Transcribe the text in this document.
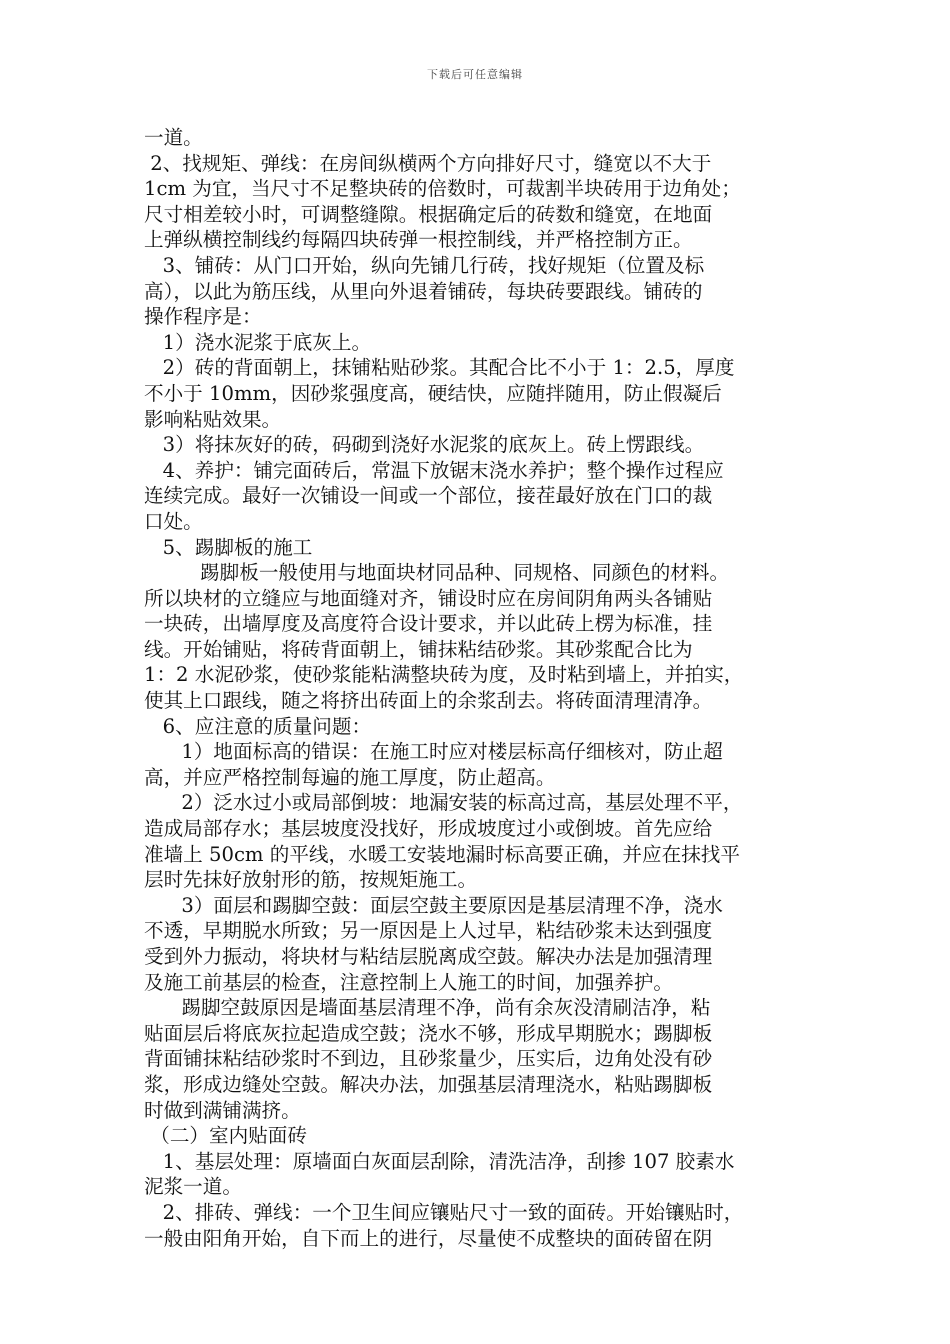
下载后可任意编辑
一道。
2、找规矩、弹线：在房间纵横两个方向排好尺寸，缝宽以不大于
1cm 为宜，当尺寸不足整块砖的倍数时，可裁割半块砖用于边角处；
尺寸相差较小时，可调整缝隙。根据确定后的砖数和缝宽，在地面
上弹纵横控制线约每隔四块砖弹一根控制线，并严格控制方正。
3、铺砖：从门口开始，纵向先铺几行砖，找好规矩（位置及标
高），以此为筋压线，从里向外退着铺砖，每块砖要跟线。铺砖的
操作程序是：
1）浇水泥浆于底灰上。
2）砖的背面朝上，抹铺粘贴砂浆。其配合比不小于 1：2.5，厚度
不小于 10mm，因砂浆强度高，硬结快，应随拌随用，防止假凝后
影响粘贴效果。
3）将抹灰好的砖，码砌到浇好水泥浆的底灰上。砖上愣跟线。
4、养护：铺完面砖后，常温下放锯末浇水养护；整个操作过程应
连续完成。最好一次铺设一间或一个部位，接茬最好放在门口的裁
口处。
5、踢脚板的施工
踢脚板一般使用与地面块材同品种、同规格、同颜色的材料。
所以块材的立缝应与地面缝对齐，铺设时应在房间阴角两头各铺贴
一块砖，出墙厚度及高度符合设计要求，并以此砖上楞为标准，挂
线。开始铺贴，将砖背面朝上，铺抹粘结砂浆。其砂浆配合比为
1：2 水泥砂浆，使砂浆能粘满整块砖为度，及时粘到墙上，并拍实，
使其上口跟线，随之将挤出砖面上的余浆刮去。将砖面清理清净。
6、应注意的质量问题：
1）地面标高的错误：在施工时应对楼层标高仔细核对，防止超
高，并应严格控制每遍的施工厚度，防止超高。
2）泛水过小或局部倒坡：地漏安装的标高过高，基层处理不平，
造成局部存水；基层坡度没找好，形成坡度过小或倒坡。首先应给
准墙上 50cm 的平线，水暖工安装地漏时标高要正确，并应在抹找平
层时先抹好放射形的筋，按规矩施工。
3）面层和踢脚空鼓：面层空鼓主要原因是基层清理不净，浇水
不透，早期脱水所致；另一原因是上人过早，粘结砂浆未达到强度
受到外力振动，将块材与粘结层脱离成空鼓。解决办法是加强清理
及施工前基层的检查，注意控制上人施工的时间，加强养护。
踢脚空鼓原因是墙面基层清理不净，尚有余灰没清刷洁净，粘
贴面层后将底灰拉起造成空鼓；浇水不够，形成早期脱水；踢脚板
背面铺抹粘结砂浆时不到边，且砂浆量少，压实后，边角处没有砂
浆，形成边缝处空鼓。解决办法，加强基层清理浇水，粘贴踢脚板
时做到满铺满挤。
（二）室内贴面砖
1、基层处理：原墙面白灰面层刮除，清洗洁净，刮掺 107 胶素水
泥浆一道。
2、排砖、弹线：一个卫生间应镶贴尺寸一致的面砖。开始镶贴时，
一般由阳角开始，自下而上的进行，尽量使不成整块的面砖留在阴
